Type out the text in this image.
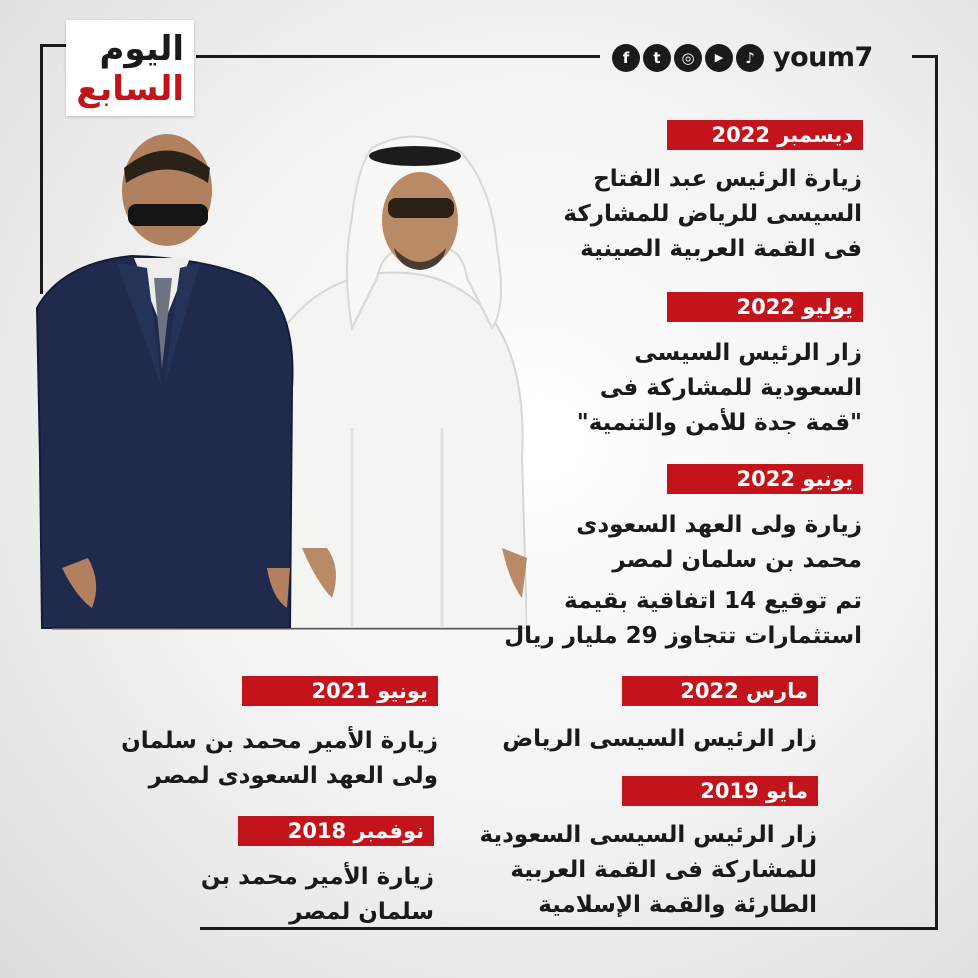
اليوم
السابع
f	t	◎	▶	♪ youm7
ديسمبر 2022
زيارة الرئيس عبد الفتاح
السيسى للرياض للمشاركة
فى القمة العربية الصينية
يوليو 2022
زار الرئيس السيسى
السعودية للمشاركة فى
"قمة جدة للأمن والتنمية"
يونيو 2022
زيارة ولى العهد السعودى
محمد بن سلمان لمصر
تم توقيع 14 اتفاقية بقيمة
استثمارات تتجاوز 29 مليار ريال
مارس 2022
زار الرئيس السيسى الرياض
مايو 2019
زار الرئيس السيسى السعودية
للمشاركة فى القمة العربية
الطارئة والقمة الإسلامية
يونيو 2021
زيارة الأمير محمد بن سلمان
ولى العهد السعودى لمصر
نوفمبر 2018
زيارة الأمير محمد بن
سلمان لمصر
